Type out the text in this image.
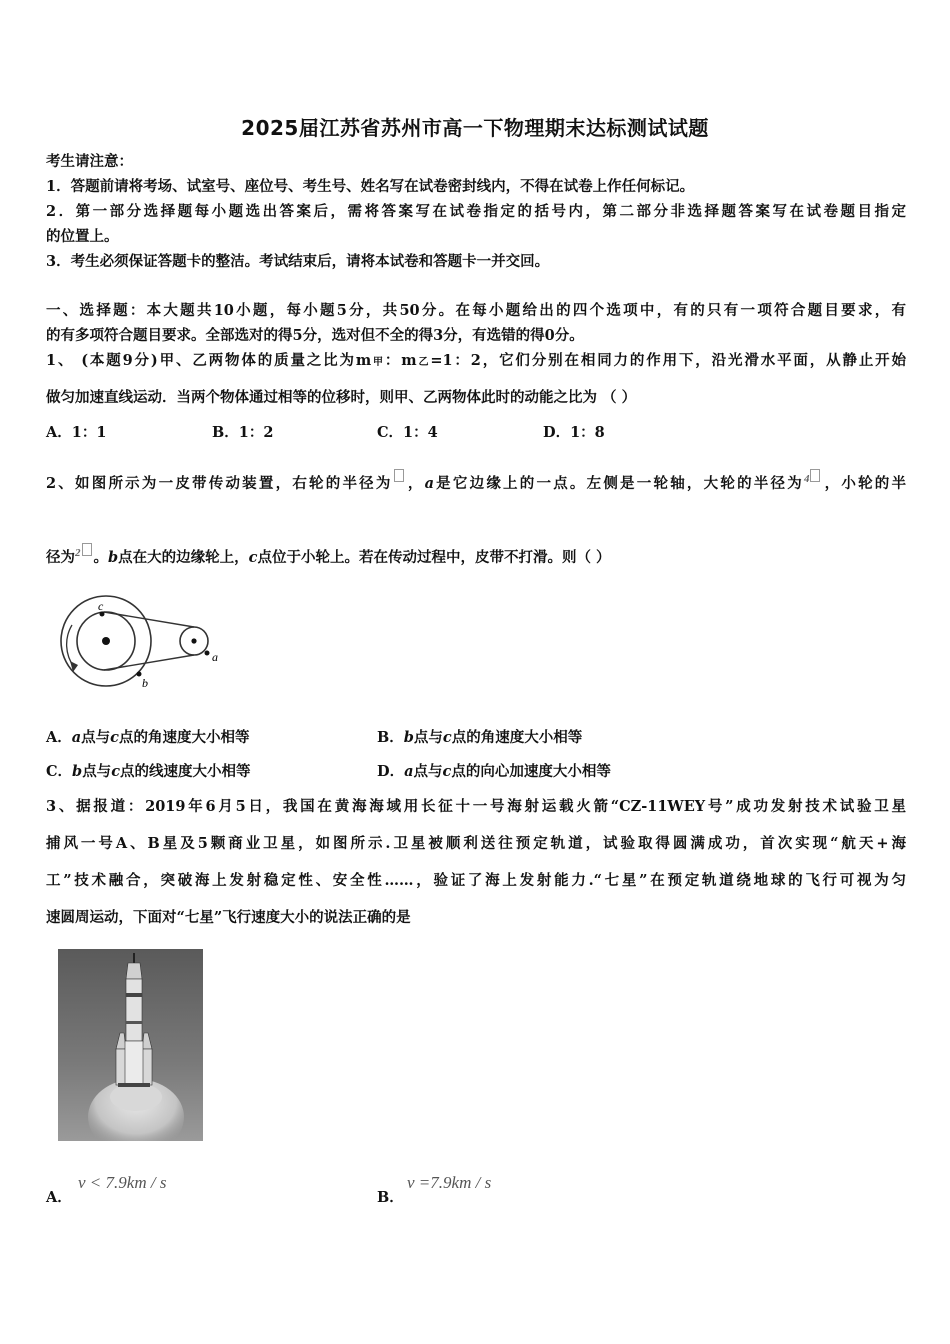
2025届江苏省苏州市高一下物理期末达标测试试题
考生请注意：
1．答题前请将考场、试室号、座位号、考生号、姓名写在试卷密封线内，不得在试卷上作任何标记。
2．第一部分选择题每小题选出答案后，需将答案写在试卷指定的括号内，第二部分非选择题答案写在试卷题目指定
的位置上。
3．考生必须保证答题卡的整洁。考试结束后，请将本试卷和答题卡一并交回。
一、选择题：本大题共10小题，每小题5分，共50分。在每小题给出的四个选项中，有的只有一项符合题目要求，有
的有多项符合题目要求。全部选对的得5分，选对但不全的得3分，有选错的得0分。
1、 (本题9分)甲、乙两物体的质量之比为m甲：m乙=1：2，它们分别在相同力的作用下，沿光滑水平面，从静止开始
做匀加速直线运动．当两个物体通过相等的位移时，则甲、乙两物体此时的动能之比为 （ ）
A．1：1	B．1：2	C．1：4	D．1：8
2、如图所示为一皮带传动装置，右轮的半径为 ，a是它边缘上的一点。左侧是一轮轴，大轮的半径为$^4$ ，小轮的半
径为$^2$ 。b点在大的边缘轮上，c点位于小轮上。若在传动过程中，皮带不打滑。则（ ）
c
b
a
A．a点与c点的角速度大小相等	B．b点与c点的角速度大小相等
C．b点与c点的线速度大小相等	D．a点与c点的向心加速度大小相等
3、据报道：2019年6月5日，我国在黄海海域用长征十一号海射运载火箭“CZ-11WEY号”成功发射技术试验卫星
捕风一号A、B星及5颗商业卫星，如图所示.卫星被顺利送往预定轨道，试验取得圆满成功，首次实现“航天+海
工”技术融合，突破海上发射稳定性、安全性……，验证了海上发射能力.“七星”在预定轨道绕地球的飞行可视为匀
速圆周运动，下面对“七星”飞行速度大小的说法正确的是
A．
v < 7.9km / s
B．
v =7.9km / s
